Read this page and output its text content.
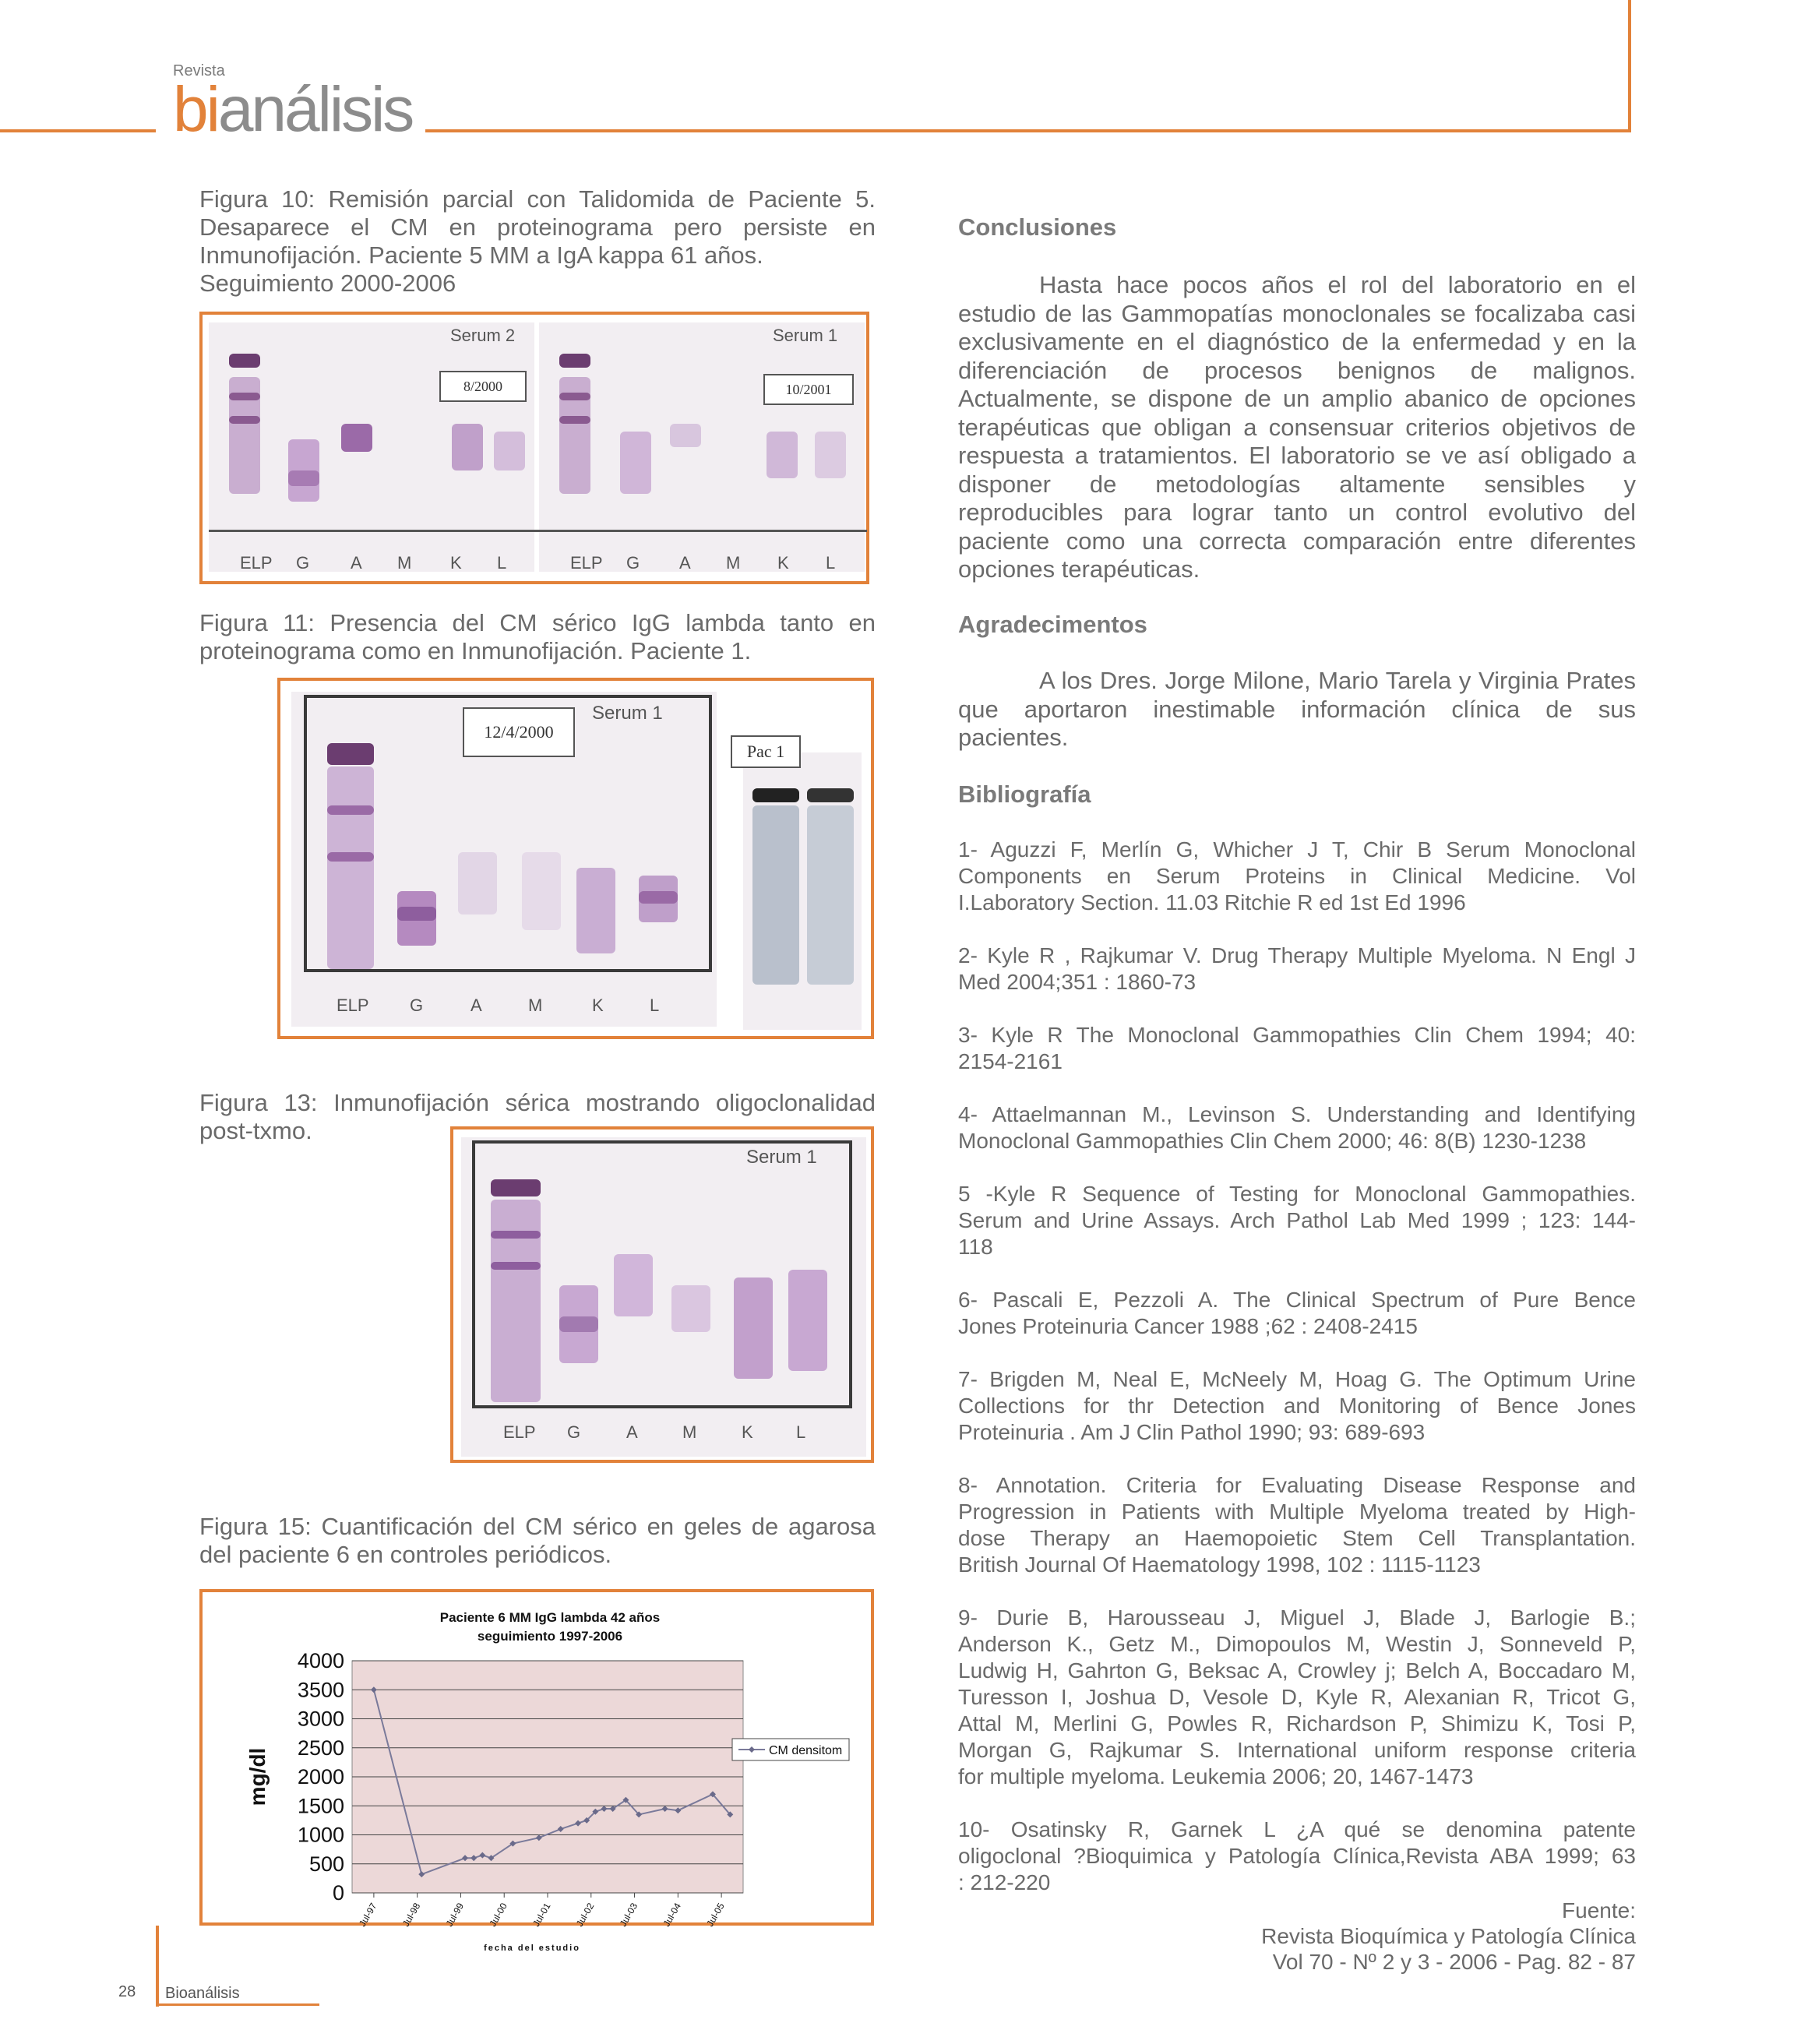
Revista
bianálisis
Figura 10: Remisión parcial con Talidomida de Paciente 5.
Desaparece el CM en proteinograma pero persiste en
Inmunofijación. Paciente 5 MM a IgA kappa 61 años.
Seguimiento 2000-2006
Serum 2	Serum 1
8/2000	10/2001
ELP G A M K L	ELP G A M K L
Figura 11: Presencia del CM sérico IgG lambda tanto en
proteinograma como en Inmunofijación. Paciente 1.
12/4/2000
Serum 1
Pac 1
ELP G	A	M	K	L
Figura 13: Inmunofijación sérica mostrando oligoclonalidad
post-txmo.
Serum 1
ELP G	A	M	K	L
Figura 15: Cuantificación del CM sérico en geles de agarosa
del paciente 6 en controles periódicos.
Paciente 6 MM IgG lambda 42 años
seguimiento 1997-2006
4000
3500
3000
2500
2000
1500
1000
500
0
mg/dl
Jul-97 Jul-98 Jul-99 Jul-00 Jul-01 Jul-02 Jul-03 Jul-04 Jul-05
fecha del estudio
CM densitom
Conclusiones
Hasta hace pocos años el rol del laboratorio en el
estudio de las Gammopatías monoclonales se focalizaba casi
exclusivamente en el diagnóstico de la enfermedad y en la
diferenciación de procesos benignos de malignos.
Actualmente, se dispone de un amplio abanico de opciones
terapéuticas que obligan a consensuar criterios objetivos de
respuesta a tratamientos. El laboratorio se ve así obligado a
disponer de metodologías altamente sensibles y
reproducibles para lograr tanto un control evolutivo del
paciente como una correcta comparación entre diferentes
opciones terapéuticas.
Agradecimentos
A los Dres. Jorge Milone, Mario Tarela y Virginia Prates
que aportaron inestimable información clínica de sus
pacientes.
Bibliografía
1- Aguzzi F, Merlín G, Whicher J T, Chir B Serum Monoclonal
Components en Serum Proteins in Clinical Medicine. Vol
I.Laboratory Section. 11.03 Ritchie R ed 1st Ed 1996
2- Kyle R , Rajkumar V. Drug Therapy Multiple Myeloma. N Engl J
Med 2004;351 : 1860-73
3- Kyle R The Monoclonal Gammopathies Clin Chem 1994; 40:
2154-2161
4- Attaelmannan M., Levinson S. Understanding and Identifying
Monoclonal Gammopathies Clin Chem 2000; 46: 8(B) 1230-1238
5 -Kyle R Sequence of Testing for Monoclonal Gammopathies.
Serum and Urine Assays. Arch Pathol Lab Med 1999 ; 123: 144-
118
6- Pascali E, Pezzoli A. The Clinical Spectrum of Pure Bence
Jones Proteinuria Cancer 1988 ;62 : 2408-2415
7- Brigden M, Neal E, McNeely M, Hoag G. The Optimum Urine
Collections for thr Detection and Monitoring of Bence Jones
Proteinuria . Am J Clin Pathol 1990; 93: 689-693
8- Annotation. Criteria for Evaluating Disease Response and
Progression in Patients with Multiple Myeloma treated by High-
dose Therapy an Haemopoietic Stem Cell Transplantation.
British Journal Of Haematology 1998, 102 : 1115-1123
9- Durie B, Harousseau J, Miguel J, Blade J, Barlogie B.;
Anderson K., Getz M., Dimopoulos M, Westin J, Sonneveld P,
Ludwig H, Gahrton G, Beksac A, Crowley j; Belch A, Boccadaro M,
Turesson I, Joshua D, Vesole D, Kyle R, Alexanian R, Tricot G,
Attal M, Merlini G, Powles R, Richardson P, Shimizu K, Tosi P,
Morgan G, Rajkumar S. International uniform response criteria
for multiple myeloma. Leukemia 2006; 20, 1467-1473
10- Osatinsky R, Garnek L ¿A qué se denomina patente
oligoclonal ?Bioquimica y Patología Clínica,Revista ABA 1999; 63
: 212-220
Fuente:
Revista Bioquímica y Patología Clínica
Vol 70 - Nº 2 y 3 - 2006 - Pag. 82 - 87
28 Bioanálisis
